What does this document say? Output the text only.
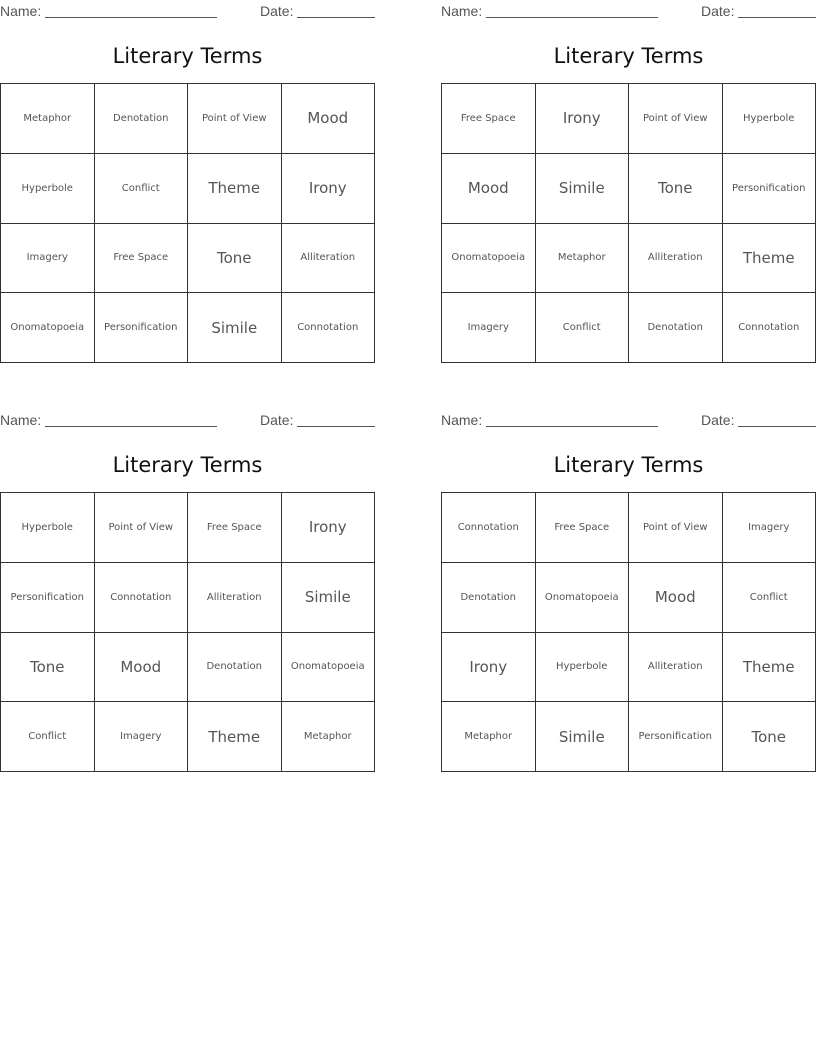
Name:	Date:
Literary Terms
Metaphor	Denotation	Point of View	Mood
Hyperbole	Conflict	Theme	Irony
Imagery	Free Space	Tone	Alliteration
Onomatopoeia	Personification	Simile	Connotation
Name:	Date:
Literary Terms
Free Space	Irony	Point of View	Hyperbole
Mood	Simile	Tone	Personification
Onomatopoeia	Metaphor	Alliteration	Theme
Imagery	Conflict	Denotation	Connotation
Name:	Date:
Literary Terms
Hyperbole	Point of View	Free Space	Irony
Personification	Connotation	Alliteration	Simile
Tone	Mood	Denotation	Onomatopoeia
Conflict	Imagery	Theme	Metaphor
Name:	Date:
Literary Terms
Connotation	Free Space	Point of View	Imagery
Denotation	Onomatopoeia	Mood	Conflict
Irony	Hyperbole	Alliteration	Theme
Metaphor	Simile	Personification	Tone
